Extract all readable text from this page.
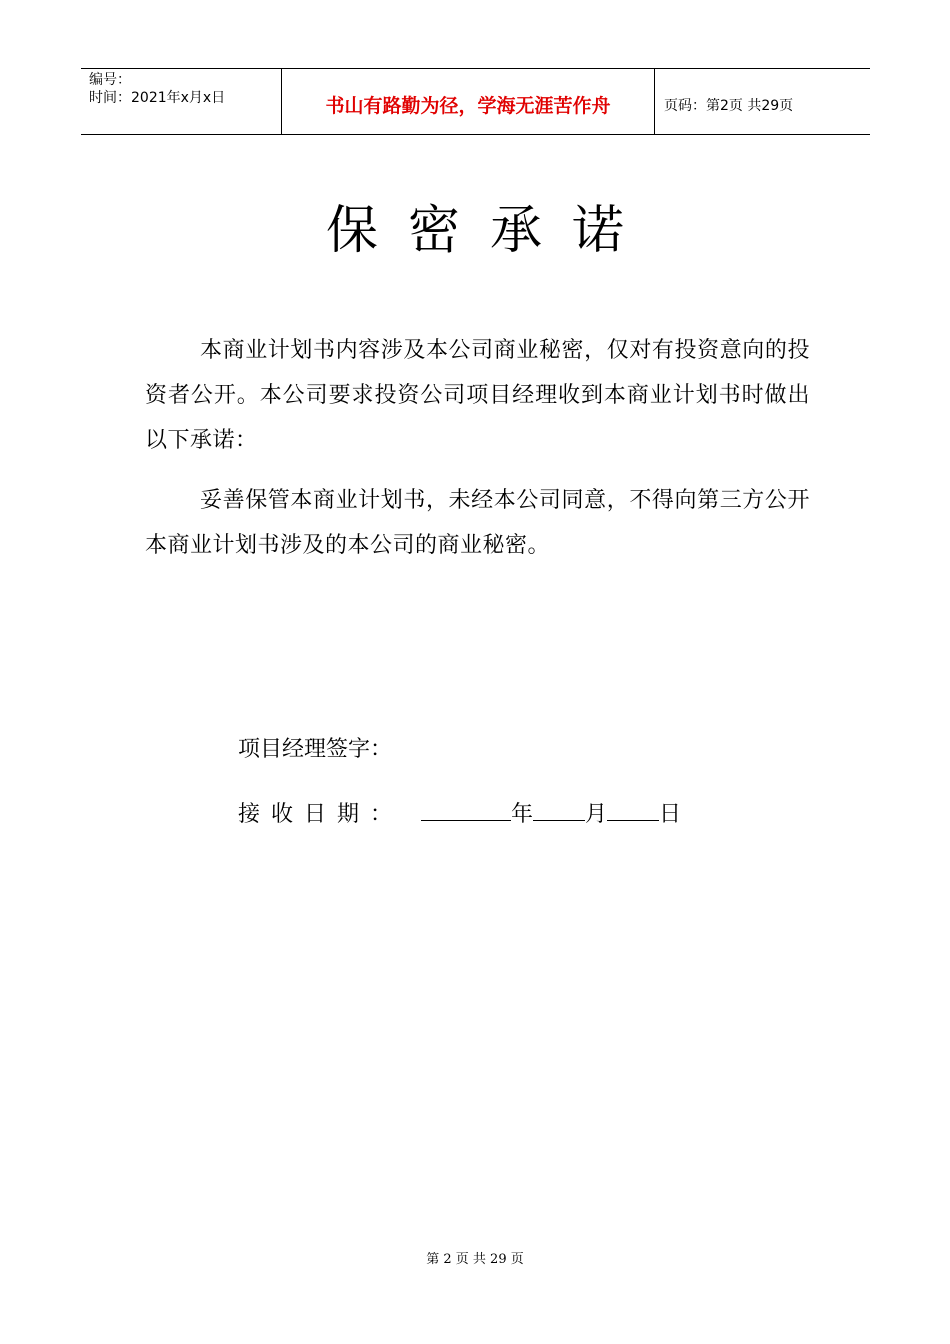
编号：
时间：2021年x月x日	书山有路勤为径，学海无涯苦作舟	页码：第2页 共29页
保密承诺
本商业计划书内容涉及本公司商业秘密，仅对有投资意向的投资者公开。本公司要求投资公司项目经理收到本商业计划书时做出以下承诺：
妥善保管本商业计划书，未经本公司同意，不得向第三方公开本商业计划书涉及的本公司的商业秘密。
项目经理签字：
接收日期：	年 月 日
第 2 页 共 29 页
